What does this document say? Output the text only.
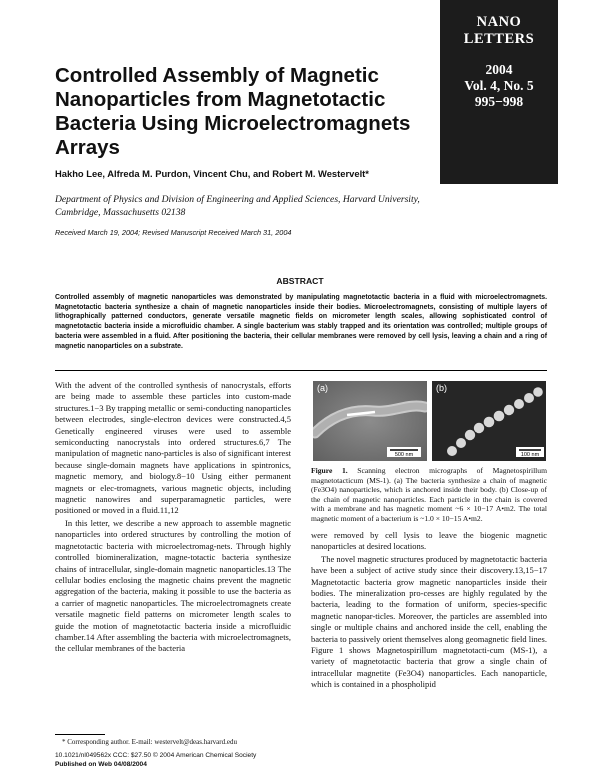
NANO
LETTERS
2004
Vol. 4, No. 5
995−998
Controlled Assembly of Magnetic Nanoparticles from Magnetotactic Bacteria Using Microelectromagnets Arrays
Hakho Lee, Alfreda M. Purdon, Vincent Chu, and Robert M. Westervelt*
Department of Physics and Division of Engineering and Applied Sciences, Harvard University, Cambridge, Massachusetts 02138
Received March 19, 2004; Revised Manuscript Received March 31, 2004
ABSTRACT
Controlled assembly of magnetic nanoparticles was demonstrated by manipulating magnetotactic bacteria in a fluid with microelectromagnets. Magnetotactic bacteria synthesize a chain of magnetic nanoparticles inside their bodies. Microelectromagnets, consisting of multiple layers of lithographically patterned conductors, generate versatile magnetic fields on micrometer length scales, allowing sophisticated control of magnetotactic bacteria inside a microfluidic chamber. A single bacterium was stably trapped and its orientation was controlled; multiple groups of bacteria were assembled in a fluid. After positioning the bacteria, their cellular membranes were removed by cell lysis, leaving a chain and a ring of magnetic nanoparticles on a substrate.

With the advent of the controlled synthesis of nanocrystals, efforts are being made to assemble these particles into custom-made structures.1−3 By trapping metallic or semi-conducting nanoparticles between electrodes, single-electron devices were constructed.4,5 Genetically engineered viruses were used to assemble semiconducting nanocrystals into ordered structures.6,7 The manipulation of magnetic nano-particles is also of significant interest because single-domain magnets have applications in spintronics, magnetic memory, and biology.8−10 Using either permanent magnets or elec-tromagnets, various magnetic objects, including magnetic nanowires and superparamagnetic particles, were positioned or moved in a fluid.11,12

In this letter, we describe a new approach to assemble magnetic nanoparticles into ordered structures by controlling the motion of magnetotactic bacteria with microelectromag-nets. Through highly controlled biomineralization, magne-totactic bacteria synthesize chains of intracellular, single-domain magnetic nanoparticles.13 The cellular bodies enclosing the magnetic chains prevent the magnetic aggregation of the bacteria, making it possible to use the bacteria as a carrier of magnetic nanoparticles. The microelectromagnets create versatile magnetic field patterns on micrometer length scales to guide the motion of magnetotactic bacteria inside a microfluidic chamber.14 After assembling the bacteria with microelectromagnets, the cellular membranes of the bacteria

500 nm
(a)
100 nm
(b)
Figure 1. Scanning electron micrographs of Magnetospirillum magnetotacticum (MS-1). (a) The bacteria synthesize a chain of magnetic (Fe3O4) nanoparticles, which is anchored inside their body. (b) Close-up of the chain of magnetic nanoparticles. Each particle in the chain is covered with a membrane and has magnetic moment ~6 × 10−17 A•m2. The total magnetic moment of a bacterium is ~1.0 × 10−15 A•m2.

were removed by cell lysis to leave the biogenic magnetic nanoparticles at desired locations.

The novel magnetic structures produced by magnetotactic bacteria have been a subject of active study since their discovery.13,15−17 Magnetotactic bacteria grow magnetic nanoparticles inside their bodies. The mineralization pro-cesses are highly regulated by the bacteria, leading to the formation of uniform, species-specific magnetic nanopar-ticles. Moreover, the particles are assembled into single or multiple chains and anchored inside the cell, enabling the bacteria to passively orient themselves along geomagnetic field lines. Figure 1 shows Magnetospirillum magnetotacti-cum (MS-1), a variety of magnetotactic bacteria that grow a single chain of intracellular magnetite (Fe3O4) nanoparticles. Each nanoparticle, which is contained in a phospholipid

* Corresponding author. E-mail: westervelt@deas.harvard.edu
10.1021/nl049562x CCC: $27.50 © 2004 American Chemical Society
Published on Web 04/08/2004
